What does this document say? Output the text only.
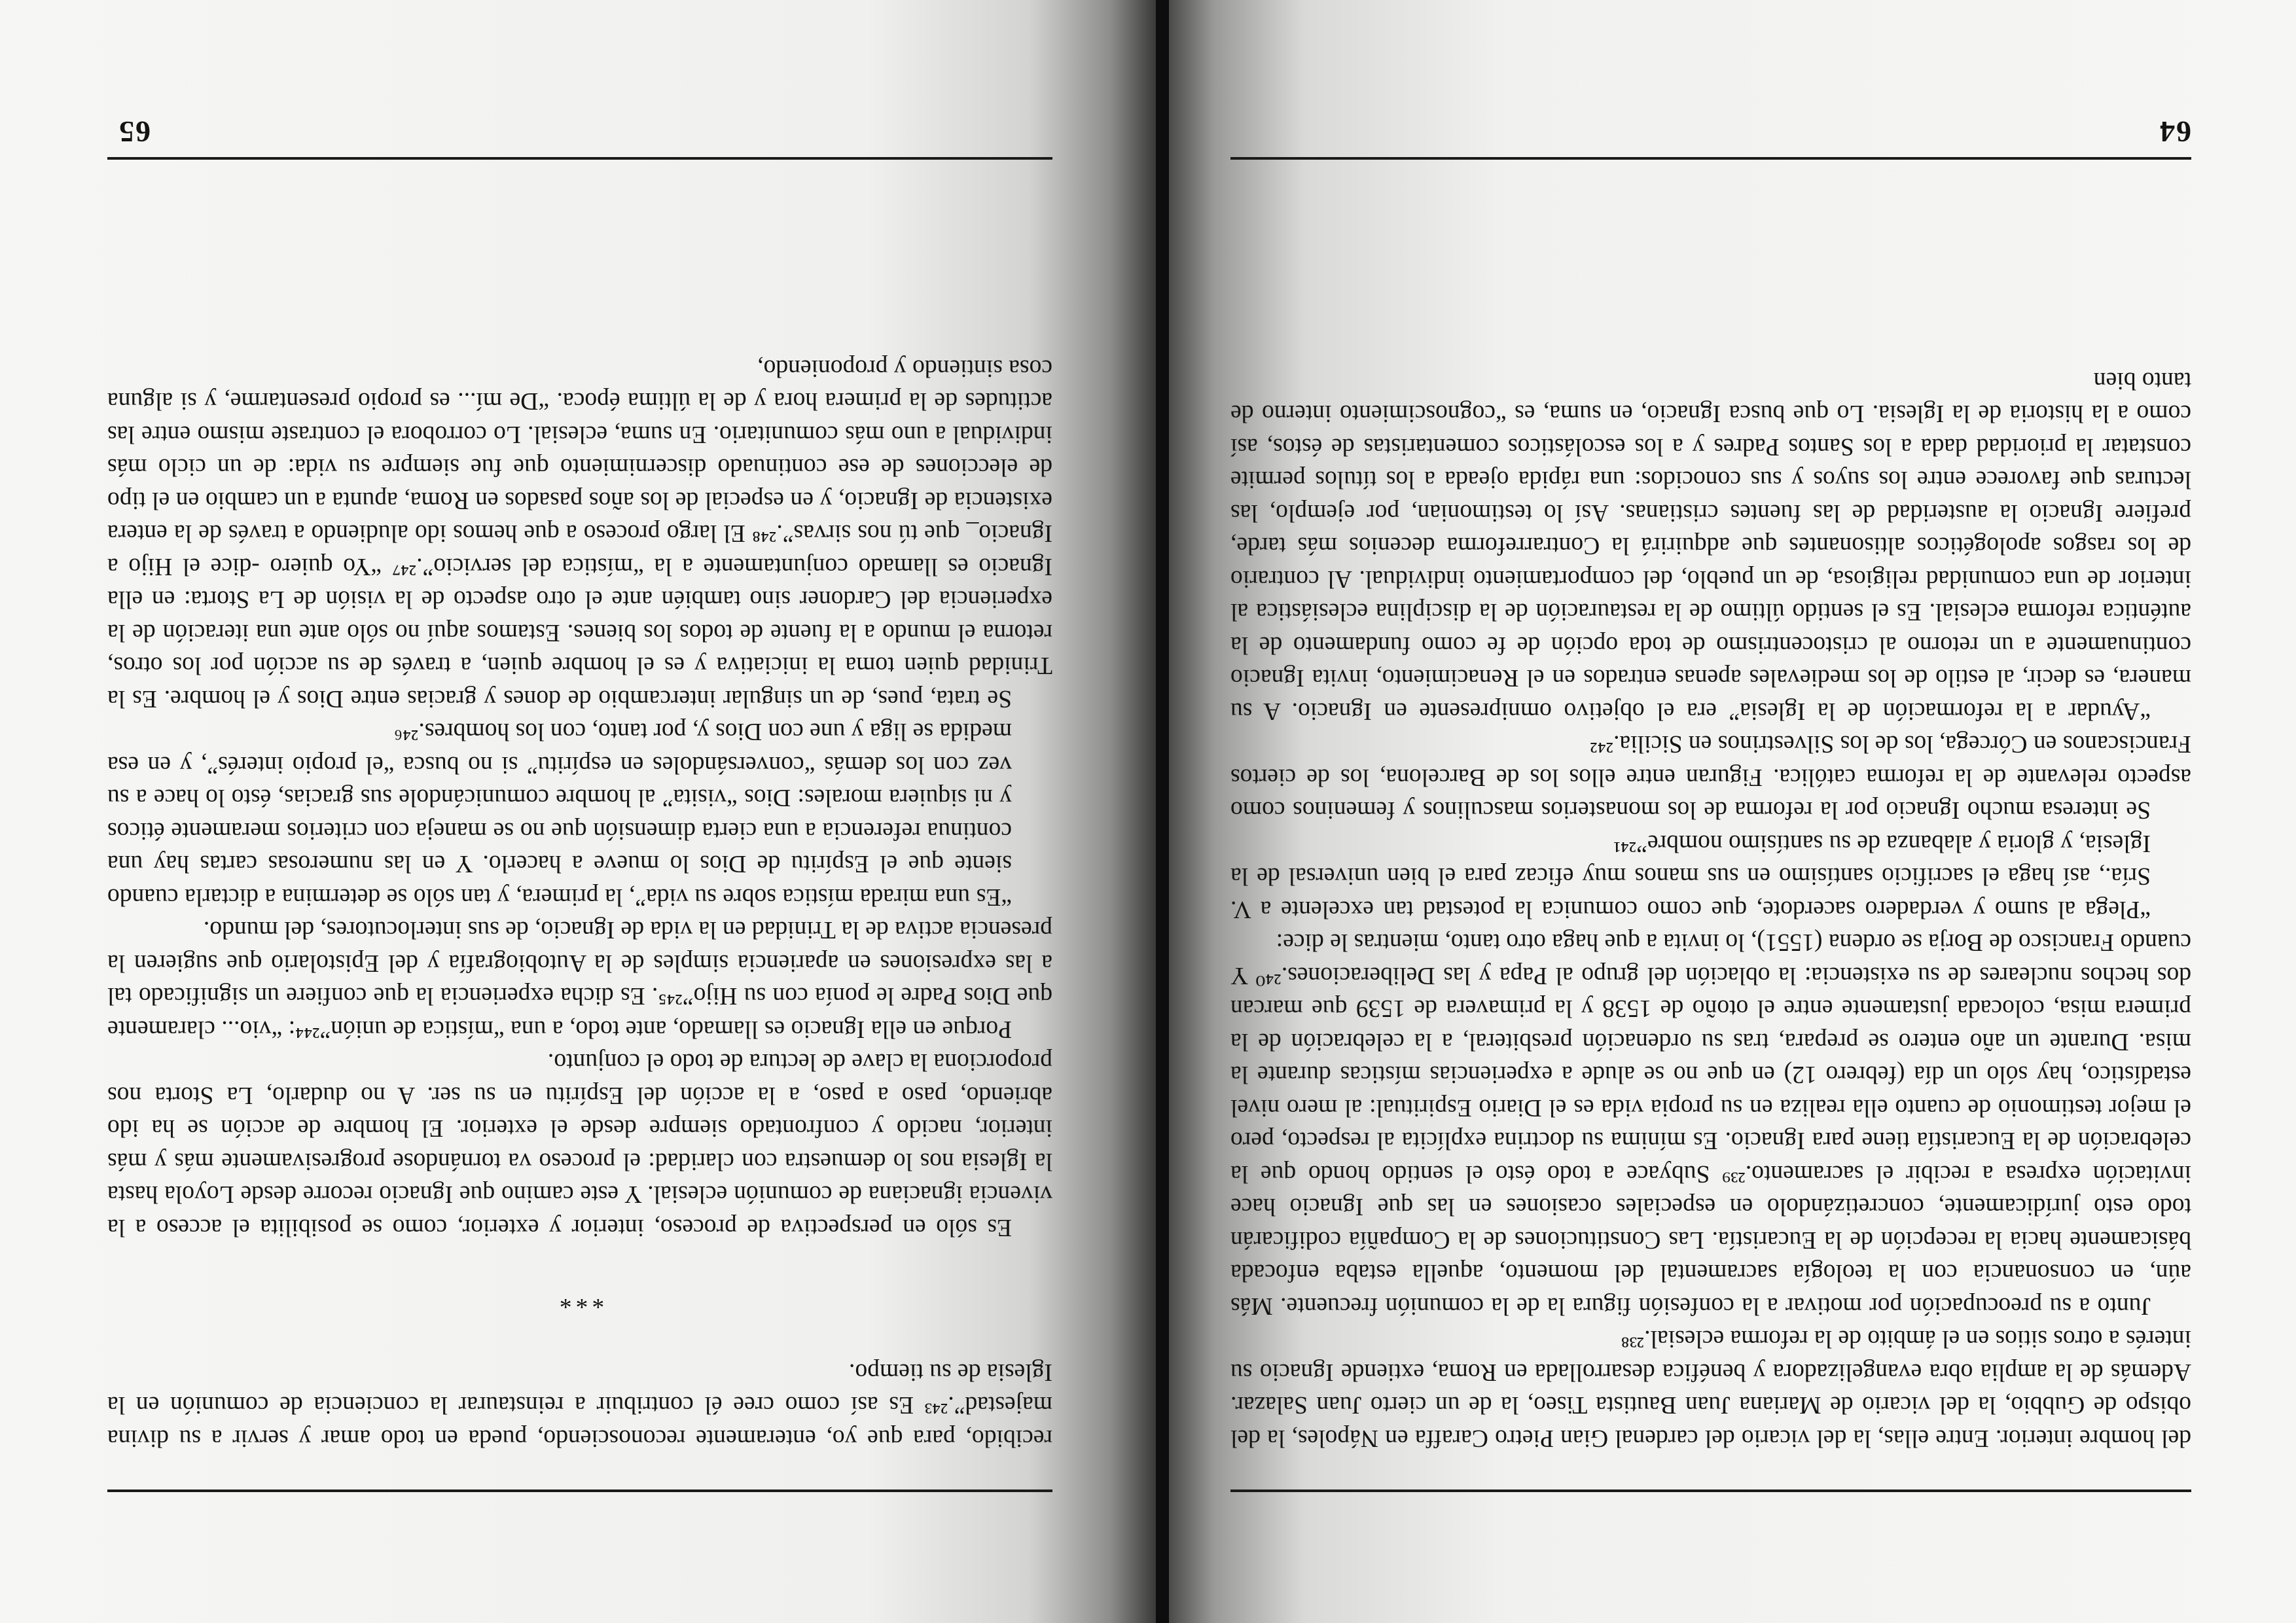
64

del hombre interior. Entre ellas, la del vicario del cardenal Gian Pietro Caraffa en Nápoles, la del obispo de Gubbio, la del vicario de Mariana Juan Bautista Tiseo, la de un cierto Juan Salazar. Además de la amplia obra evangelizadora y benéfica desarrollada en Roma, extiende Ignacio su interés a otros sitios en el ámbito de la reforma eclesial.²³⁸

Junto a su preocupación por motivar a la confesión figura la de la comunión frecuente. Más aún, en consonancia con la teología sacramental del momento, aquella estaba enfocada básicamente hacia la recepción de la Eucaristía. Las Constituciones de la Compañía codificarán todo esto jurídicamente, concretizándolo en especiales ocasiones en las que Ignacio hace invitación expresa a recibir el sacramento.²³⁹ Subyace a todo ésto el sentido hondo que la celebración de la Eucaristía tiene para Ignacio. Es mínima su doctrina explícita al respecto, pero el mejor testimonio de cuanto ella realiza en su propia vida es el Diario Espiritual: al mero nivel estadístico, hay sólo un día (febrero 12) en que no se alude a experiencias místicas durante la misa. Durante un año entero se prepara, tras su ordenación presbiteral, a la celebración de la primera misa, colocada justamente entre el otoño de 1538 y la primavera de 1539 que marcan dos hechos nucleares de su existencia: la oblación del grupo al Papa y las Deliberaciones.²⁴⁰ Y cuando Francisco de Borja se ordena (1551), lo invita a que haga otro tanto, mientras le dice:

“Plega al sumo y verdadero sacerdote, que como comunica la potestad tan excelente a V. Sría., así haga el sacrificio santísimo en sus manos muy eficaz para el bien universal de la Iglesia, y gloria y alabanza de su santísimo nombre”²⁴¹

Se interesa mucho Ignacio por la reforma de los monasterios masculinos y femeninos como aspecto relevante de la reforma católica. Figuran entre ellos los de Barcelona, los de ciertos Franciscanos en Córcega, los de los Silvestrinos en Sicilia.²⁴²

“Ayudar a la reformación de la Iglesia” era el objetivo omnipresente en Ignacio. A su manera, es decir, al estilo de los medievales apenas entrados en el Renacimiento, invita Ignacio continuamente a un retorno al cristocentrismo de toda opción de fe como fundamento de la auténtica reforma eclesial. Es el sentido último de la restauración de la disciplina eclesiástica al interior de una comunidad religiosa, de un pueblo, del comportamiento individual. Al contrario de los rasgos apologéticos altisonantes que adquirirá la Contrarreforma decenios más tarde, prefiere Ignacio la austeridad de las fuentes cristianas. Así lo testimonian, por ejemplo, las lecturas que favorece entre los suyos y sus conocidos: una rápida ojeada a los títulos permite constatar la prioridad dada a los Santos Padres y a los escolásticos comentaristas de éstos, así como a la historia de la Iglesia. Lo que busca Ignacio, en suma, es “cognoscimiento interno de tanto bien

65

recibido, para que yo, enteramente reconosciendo, pueda en todo amar y servir a su divina majestad”.²⁴³ Es así como cree él contribuir a reinstaurar la conciencia de comunión en la Iglesia de su tiempo.

***

Es sólo en perspectiva de proceso, interior y exterior, como se posibilita el acceso a la vivencia ignaciana de comunión eclesial. Y este camino que Ignacio recorre desde Loyola hasta la Iglesia nos lo demuestra con claridad: el proceso va tornándose progresivamente más y más interior, nacido y confrontado siempre desde el exterior. El hombre de acción se ha ido abriendo, paso a paso, a la acción del Espíritu en su ser. A no dudarlo, La Storta nos proporciona la clave de lectura de todo el conjunto.

Porque en ella Ignacio es llamado, ante todo, a una “mística de unión”²⁴⁴: “vio... claramente que Dios Padre le ponía con su Hijo”²⁴⁵. Es dicha experiencia la que confiere un significado tal a las expresiones en apariencia simples de la Autobiografía y del Epistolario que sugieren la presencia activa de la Trinidad en la vida de Ignacio, de sus interlocutores, del mundo.

“Es una mirada mística sobre su vida”, la primera, y tan sólo se determina a dictarla cuando siente que el Espíritu de Dios lo mueve a hacerlo. Y en las numerosas cartas hay una continua referencia a una cierta dimensión que no se maneja con criterios meramente éticos y ni siquiera morales: Dios “visita” al hombre comunicándole sus gracias, ésto lo hace a su vez con los demás “conversándoles en espíritu” si no busca “el propio interés”, y en esa medida se liga y une con Dios y, por tanto, con los hombres.²⁴⁶

Se trata, pues, de un singular intercambio de dones y gracias entre Dios y el hombre. Es la Trinidad quien toma la iniciativa y es el hombre quien, a través de su acción por los otros, retorna el mundo a la fuente de todos los bienes. Estamos aquí no sólo ante una iteración de la experiencia del Cardoner sino también ante el otro aspecto de la visión de La Storta: en ella Ignacio es llamado conjuntamente a la “mística del servicio”.²⁴⁷ “Yo quiero -dice el Hijo a Ignacio_ que tú nos sirvas”.²⁴⁸ El largo proceso a que hemos ido aludiendo a través de la entera existencia de Ignacio, y en especial de los años pasados en Roma, apunta a un cambio en el tipo de elecciones de ese continuado discernimiento que fue siempre su vida: de un ciclo más individual a uno más comunitario. En suma, eclesial. Lo corrobora el contraste mismo entre las actitudes de la primera hora y de la última época. “De mí... es propio presentarme, y si alguna cosa sintiendo y proponiendo,
